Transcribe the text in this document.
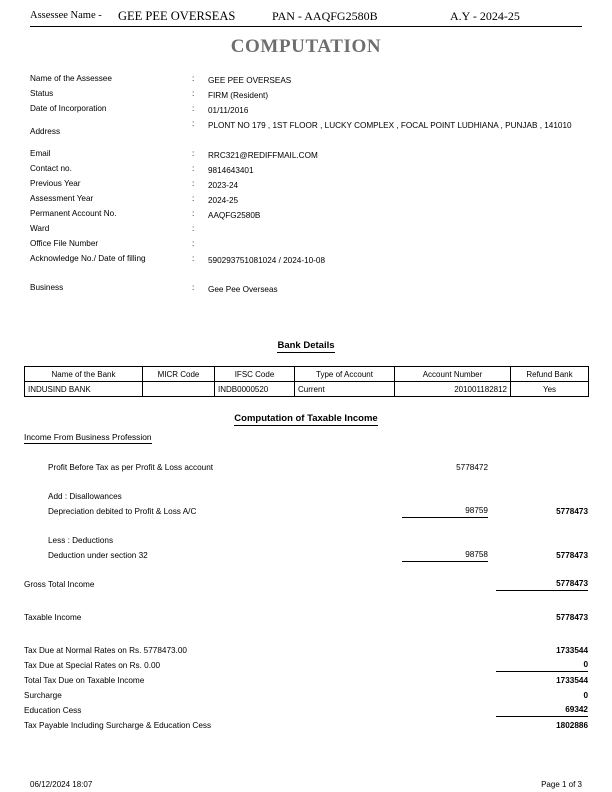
Assessee Name - GEE PEE OVERSEAS	PAN - AAQFG2580B	A.Y - 2024-25
COMPUTATION
Name of the Assessee	: GEE PEE OVERSEAS
Status	: FIRM (Resident)
Date of Incorporation	: 01/11/2016
Address
: PLONT NO 179 , 1ST FLOOR , LUCKY COMPLEX , FOCAL POINT LUDHIANA , PUNJAB , 141010
Email	: RRC321@REDIFFMAIL.COM
Contact no.	: 9814643401
Previous Year	: 2023-24
Assessment Year	: 2024-25
Permanent Account No.	: AAQFG2580B
Ward	:
Office File Number	:
Acknowledge No./ Date of filling	: 590293751081024 / 2024-10-08
Business	: Gee Pee Overseas
Bank Details
Name of the Bank	MICR Code	IFSC Code	Type of Account	Account Number	Refund Bank
INDUSIND BANK		INDB0000520	Current	201001182812	Yes
Computation of Taxable Income
Income From Business Profession
Profit Before Tax as per Profit & Loss account	5778472
Add : Disallowances
Depreciation debited to Profit & Loss A/C	98759	5778473
Less : Deductions
Deduction under section 32	98758	5778473
Gross Total Income	5778473
Taxable Income	5778473
Tax Due at Normal Rates on Rs. 5778473.00	1733544
Tax Due at Special Rates on Rs. 0.00	0
Total Tax Due on Taxable Income	1733544
Surcharge	0
Education Cess	69342
Tax Payable Including Surcharge & Education Cess	1802886
06/12/2024 18:07	Page 1 of 3
